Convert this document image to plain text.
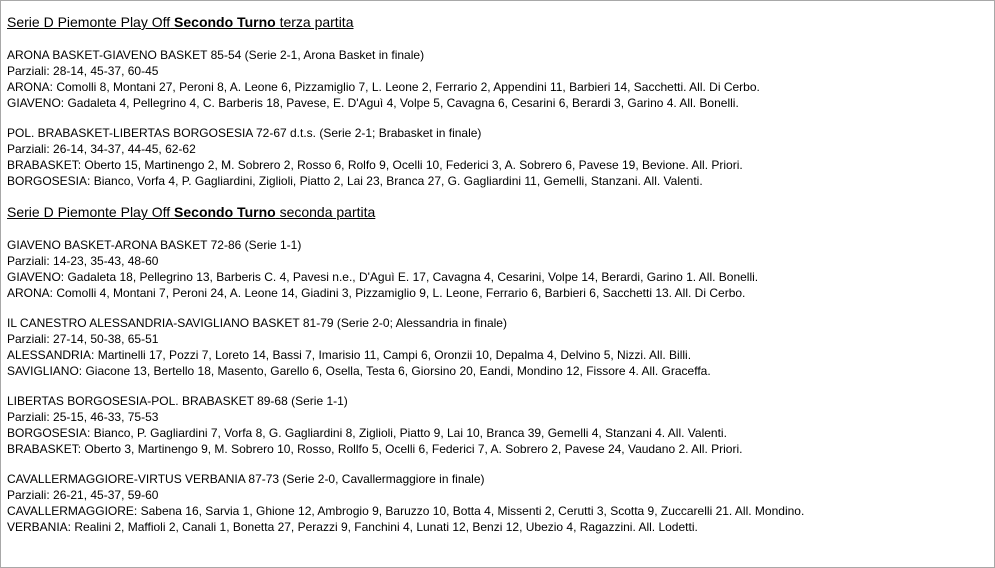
Serie D Piemonte Play Off Secondo Turno terza partita
ARONA BASKET-GIAVENO BASKET 85-54 (Serie 2-1, Arona Basket in finale)
Parziali: 28-14, 45-37, 60-45
ARONA: Comolli 8, Montani 27, Peroni 8, A. Leone 6, Pizzamiglio 7, L. Leone 2, Ferrario 2, Appendini 11, Barbieri 14, Sacchetti. All. Di Cerbo.
GIAVENO: Gadaleta 4, Pellegrino 4, C. Barberis 18, Pavese, E. D'Aguì 4, Volpe 5, Cavagna 6, Cesarini 6, Berardi 3, Garino 4. All. Bonelli.
POL. BRABASKET-LIBERTAS BORGOSESIA 72-67 d.t.s. (Serie 2-1; Brabasket in finale)
Parziali: 26-14, 34-37, 44-45, 62-62
BRABASKET: Oberto 15, Martinengo 2, M. Sobrero 2, Rosso 6, Rolfo 9, Ocelli 10, Federici 3, A. Sobrero 6, Pavese 19, Bevione. All. Priori.
BORGOSESIA: Bianco, Vorfa 4, P. Gagliardini, Ziglioli, Piatto 2, Lai 23, Branca 27, G. Gagliardini 11, Gemelli, Stanzani. All. Valenti.
Serie D Piemonte Play Off Secondo Turno seconda partita
GIAVENO BASKET-ARONA BASKET 72-86 (Serie 1-1)
Parziali: 14-23, 35-43, 48-60
GIAVENO: Gadaleta 18, Pellegrino 13, Barberis C. 4, Pavesi n.e., D'Aguì E. 17, Cavagna 4, Cesarini, Volpe 14, Berardi, Garino 1. All. Bonelli.
ARONA: Comolli 4, Montani 7, Peroni 24, A. Leone 14, Giadini 3, Pizzamiglio 9, L. Leone, Ferrario 6, Barbieri 6, Sacchetti 13. All. Di Cerbo.
IL CANESTRO ALESSANDRIA-SAVIGLIANO BASKET 81-79 (Serie 2-0; Alessandria in finale)
Parziali: 27-14, 50-38, 65-51
ALESSANDRIA: Martinelli 17, Pozzi 7, Loreto 14, Bassi 7, Imarisio 11, Campi 6, Oronzii 10, Depalma 4, Delvino 5, Nizzi. All. Billi.
SAVIGLIANO: Giacone 13, Bertello 18, Masento, Garello 6, Osella, Testa 6, Giorsino 20, Eandi, Mondino 12, Fissore 4. All. Graceffa.
LIBERTAS BORGOSESIA-POL. BRABASKET 89-68 (Serie 1-1)
Parziali: 25-15, 46-33, 75-53
BORGOSESIA: Bianco, P. Gagliardini 7, Vorfa 8, G. Gagliardini 8, Ziglioli, Piatto 9, Lai 10, Branca 39, Gemelli 4, Stanzani 4. All. Valenti.
BRABASKET: Oberto 3, Martinengo 9, M. Sobrero 10, Rosso, Rollfo 5, Ocelli 6, Federici 7, A. Sobrero 2, Pavese 24, Vaudano 2. All. Priori.
CAVALLERMAGGIORE-VIRTUS VERBANIA 87-73 (Serie 2-0, Cavallermaggiore in finale)
Parziali: 26-21, 45-37, 59-60
CAVALLERMAGGIORE: Sabena 16, Sarvia 1, Ghione 12, Ambrogio 9, Baruzzo 10, Botta 4, Missenti 2, Cerutti 3, Scotta 9, Zuccarelli 21. All. Mondino.
VERBANIA: Realini 2, Maffioli 2, Canali 1, Bonetta 27, Perazzi 9, Fanchini 4, Lunati 12, Benzi 12, Ubezio 4, Ragazzini. All. Lodetti.
